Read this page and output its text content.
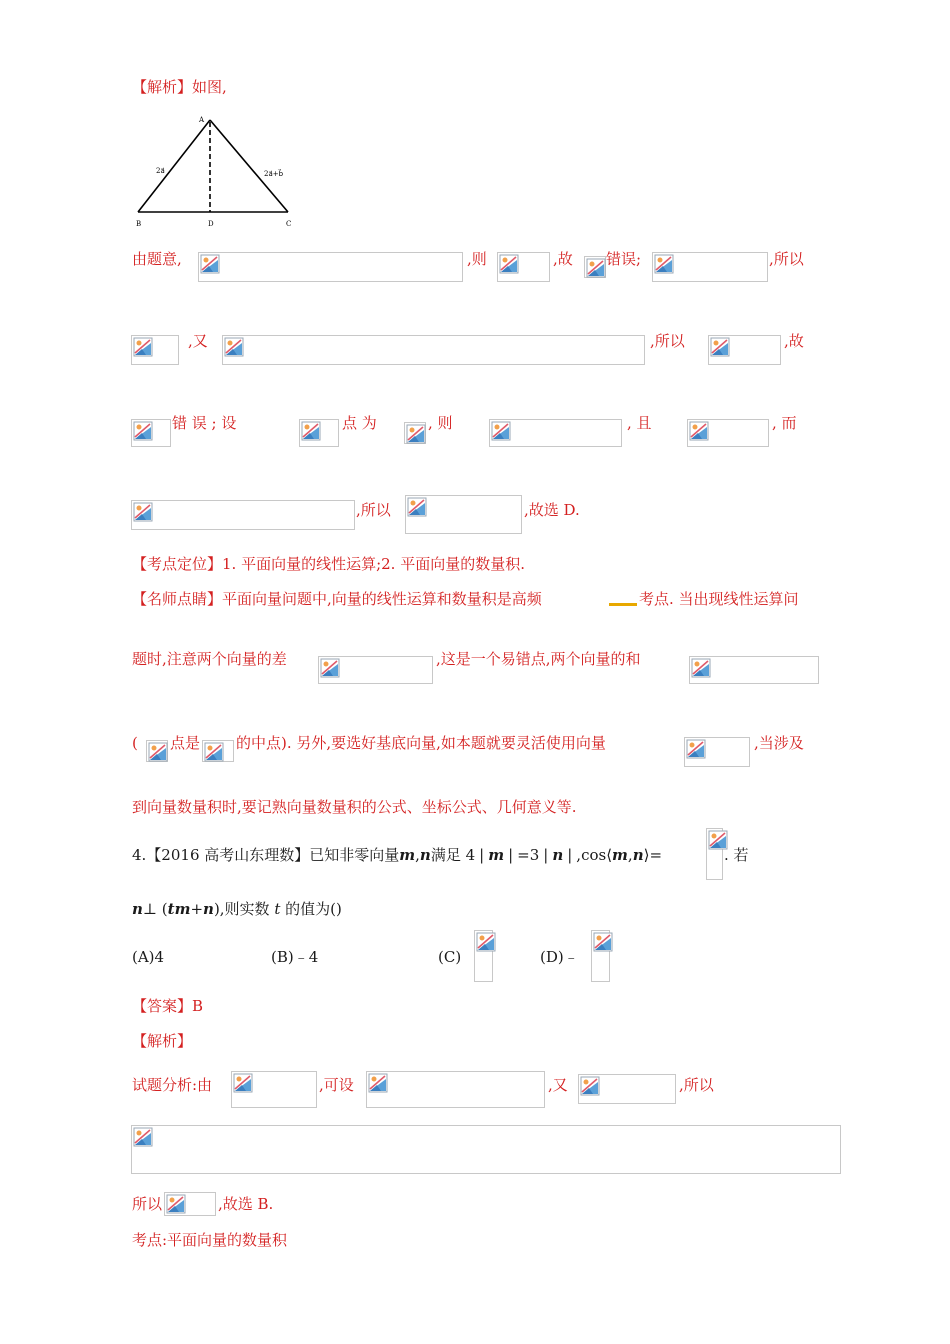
【解析】如图,
A
B	D	C
2a⃗	2a⃗+b⃗
由题意,	,则	,故 错误;	,所以
,又	,所以	,故
错 误 ; 设	点 为	, 则	, 且	, 而
,所以	,故选 D.
【考点定位】1. 平面向量的线性运算;2. 平面向量的数量积.
【名师点睛】平面向量问题中,向量的线性运算和数量积是高频	考点. 当出现线性运算问
题时,注意两个向量的差	,这是一个易错点,两个向量的和
( 点是 的中点). 另外,要选好基底向量,如本题就要灵活使用向量	,当涉及
到向量数量积时,要记熟向量数量积的公式、坐标公式、几何意义等.
4.【2016 高考山东理数】已知非零向量m,n满足 4 | m | =3 | n | ,cos⟨m,n⟩=	. 若
n⊥ (tm+n),则实数 t 的值为()
(A)4	(B)﹣4	(C)	(D)﹣
【答案】B
【解析】
试题分析:由	,可设	,又	,所以
所以	,故选 B.
考点:平面向量的数量积
